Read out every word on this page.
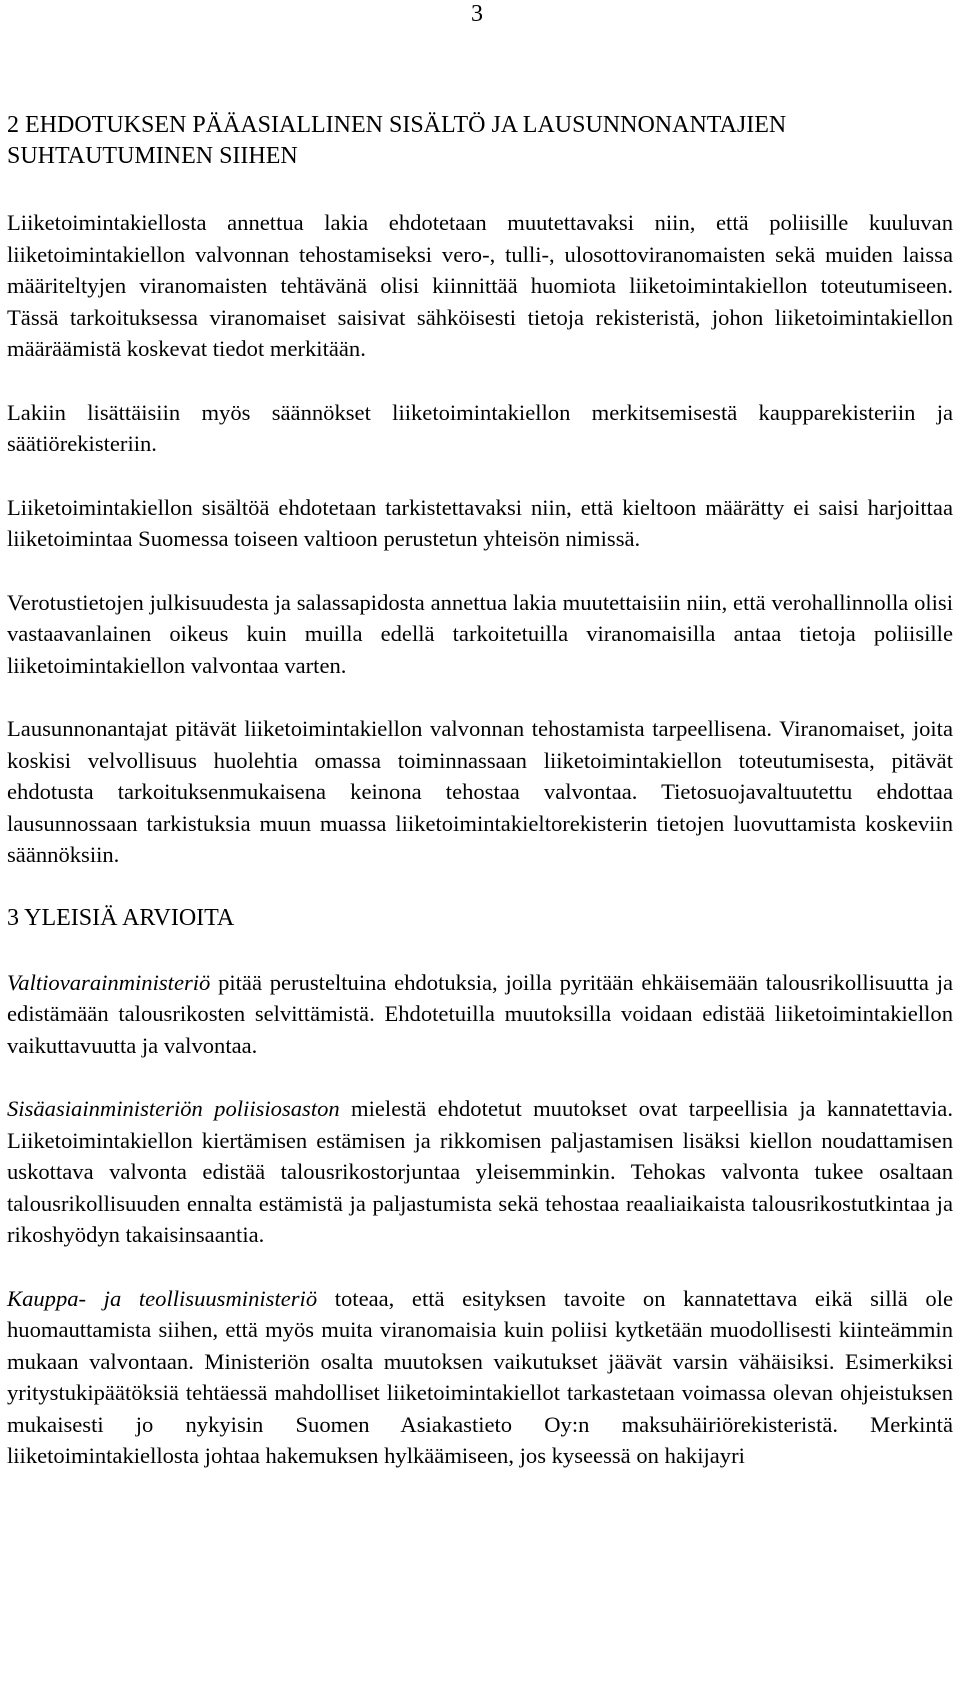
3
2 EHDOTUKSEN PÄÄASIALLINEN SISÄLTÖ JA LAUSUNNONANTAJIEN SUHTAUTUMINEN SIIHEN

Liiketoimintakiellosta annettua lakia ehdotetaan muutettavaksi niin, että poliisille kuuluvan liiketoimintakiellon valvonnan tehostamiseksi vero-, tulli-, ulosottoviranomaisten sekä muiden laissa määriteltyjen viranomaisten tehtävänä olisi kiinnittää huomiota liiketoimintakiellon toteutumiseen. Tässä tarkoituksessa viranomaiset saisivat sähköisesti tietoja rekisteristä, johon liiketoimintakiellon määräämistä koskevat tiedot merkitään.

Lakiin lisättäisiin myös säännökset liiketoimintakiellon merkitsemisestä kaupparekisteriin ja säätiörekisteriin.

Liiketoimintakiellon sisältöä ehdotetaan tarkistettavaksi niin, että kieltoon määrätty ei saisi harjoittaa liiketoimintaa Suomessa toiseen valtioon perustetun yhteisön nimissä.

Verotustietojen julkisuudesta ja salassapidosta annettua lakia muutettaisiin niin, että verohallinnolla olisi vastaavanlainen oikeus kuin muilla edellä tarkoitetuilla viranomaisilla antaa tietoja poliisille liiketoimintakiellon valvontaa varten.

Lausunnonantajat pitävät liiketoimintakiellon valvonnan tehostamista tarpeellisena. Viranomaiset, joita koskisi velvollisuus huolehtia omassa toiminnassaan liiketoimintakiellon toteutumisesta, pitävät ehdotusta tarkoituksenmukaisena keinona tehostaa valvontaa. Tietosuojavaltuutettu ehdottaa lausunnossaan tarkistuksia muun muassa liiketoimintakieltorekisterin tietojen luovuttamista koskeviin säännöksiin.

3 YLEISIÄ ARVIOITA

Valtiovarainministeriö pitää perusteltuina ehdotuksia, joilla pyritään ehkäisemään talousrikollisuutta ja edistämään talousrikosten selvittämistä. Ehdotetuilla muutoksilla voidaan edistää liiketoimintakiellon vaikuttavuutta ja valvontaa.

Sisäasiainministeriön poliisiosaston mielestä ehdotetut muutokset ovat tarpeellisia ja kannatettavia. Liiketoimintakiellon kiertämisen estämisen ja rikkomisen paljastamisen lisäksi kiellon noudattamisen uskottava valvonta edistää talousrikostorjuntaa yleisemminkin. Tehokas valvonta tukee osaltaan talousrikollisuuden ennalta estämistä ja paljastumista sekä tehostaa reaaliaikaista talousrikostutkintaa ja rikoshyödyn takaisinsaantia.

Kauppa- ja teollisuusministeriö toteaa, että esityksen tavoite on kannatettava eikä sillä ole huomauttamista siihen, että myös muita viranomaisia kuin poliisi kytketään muodollisesti kiinteämmin mukaan valvontaan. Ministeriön osalta muutoksen vaikutukset jäävät varsin vähäisiksi. Esimerkiksi yritystukipäätöksiä tehtäessä mahdolliset liiketoimintakiellot tarkastetaan voimassa olevan ohjeistuksen mukaisesti jo nykyisin Suomen Asiakastieto Oy:n maksuhäiriörekisteristä. Merkintä liiketoimintakiellosta johtaa hakemuksen hylkäämiseen, jos kyseessä on hakijayri
